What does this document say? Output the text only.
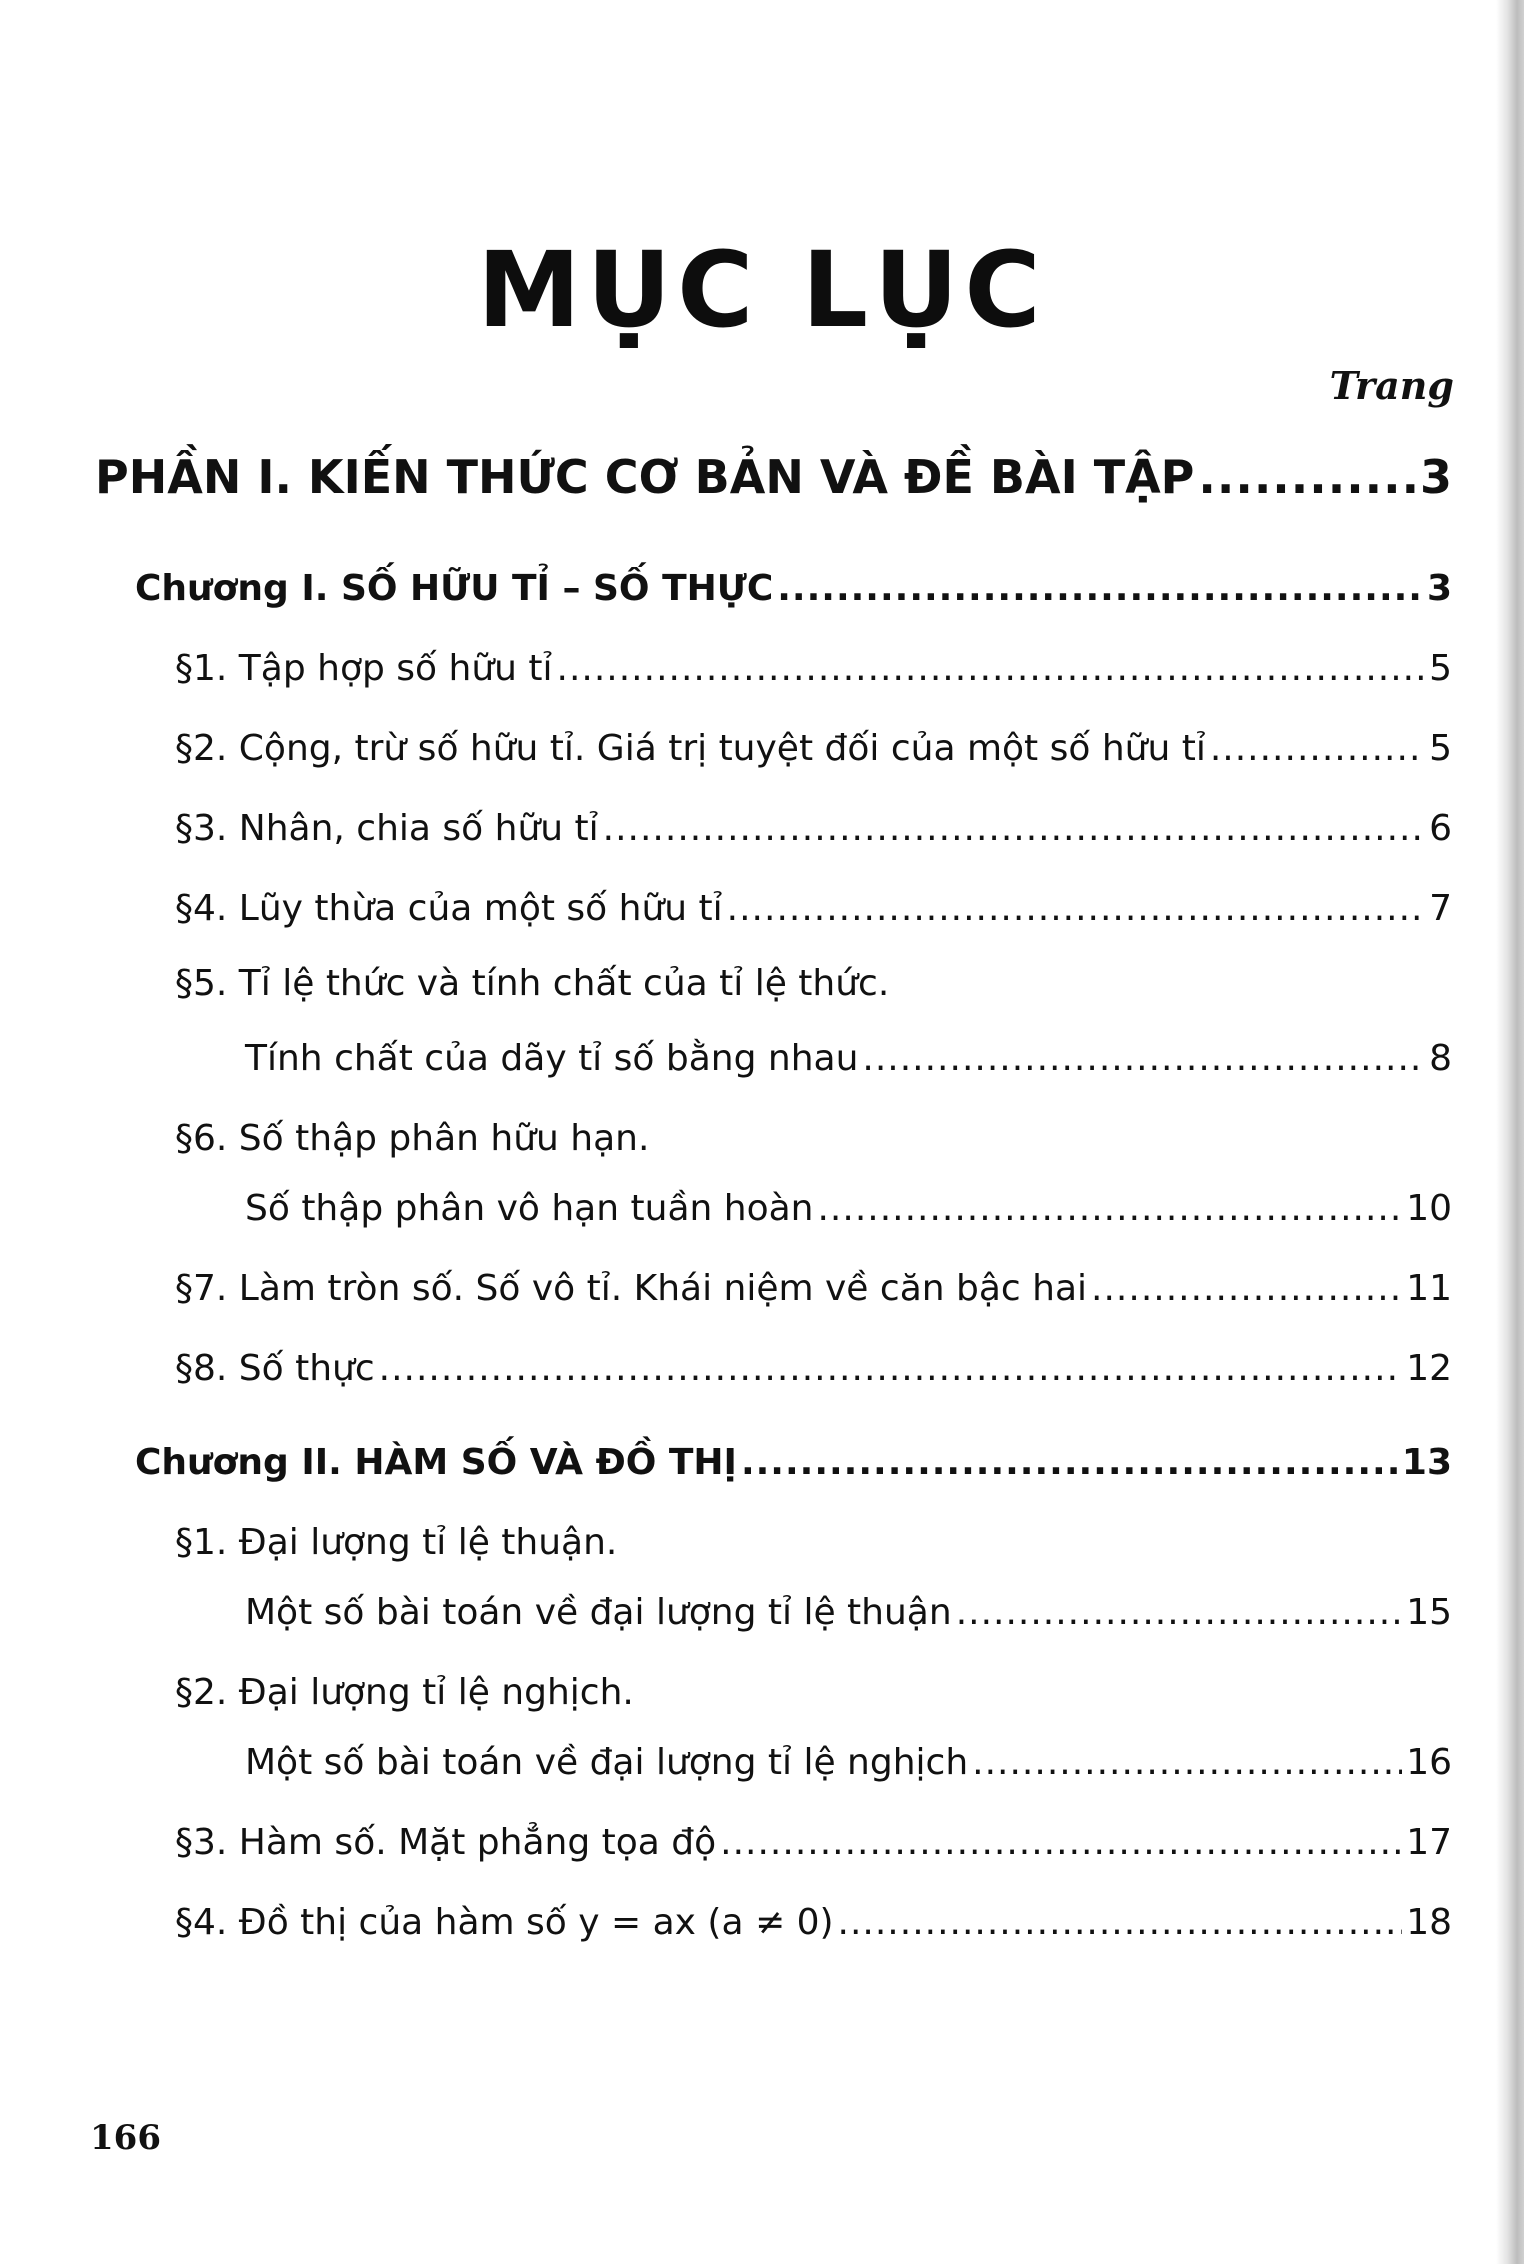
MỤC LỤC
Trang
PHẦN I. KIẾN THỨC CƠ BẢN VÀ ĐỀ BÀI TẬP .....	3
Chương I. SỐ HỮU TỈ – SỐ THỰC .....	3
§1. Tập hợp số hữu tỉ .....	5
§2. Cộng, trừ số hữu tỉ. Giá trị tuyệt đối của một số hữu tỉ .....	5
§3. Nhân, chia số hữu tỉ .....	6
§4. Lũy thừa của một số hữu tỉ .....	7
§5. Tỉ lệ thức và tính chất của tỉ lệ thức.
Tính chất của dãy tỉ số bằng nhau .....	8
§6. Số thập phân hữu hạn.
Số thập phân vô hạn tuần hoàn .....	10
§7. Làm tròn số. Số vô tỉ. Khái niệm về căn bậc hai .....	11
§8. Số thực .....	12
Chương II. HÀM SỐ VÀ ĐỒ THỊ .....	13
§1. Đại lượng tỉ lệ thuận.
Một số bài toán về đại lượng tỉ lệ thuận .....	15
§2. Đại lượng tỉ lệ nghịch.
Một số bài toán về đại lượng tỉ lệ nghịch .....	16
§3. Hàm số. Mặt phẳng tọa độ .....	17
§4. Đồ thị của hàm số y = ax (a ≠ 0) .....	18
166
